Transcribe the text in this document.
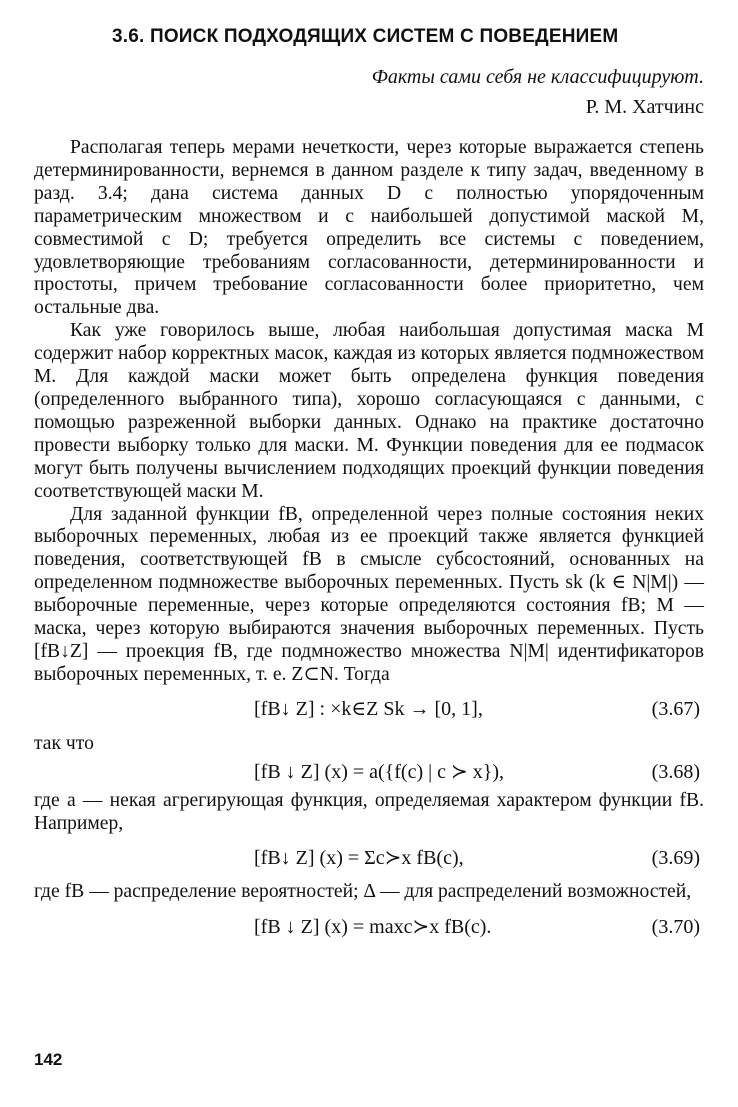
3.6. ПОИСК ПОДХОДЯЩИХ СИСТЕМ С ПОВЕДЕНИЕМ
Факты сами себя не классифицируют.
Р. М. Хатчинс

Располагая теперь мерами нечеткости, через которые выражается степень детерминированности, вернемся в данном разделе к типу задач, введенному в разд. 3.4; дана система данных D с полностью упорядоченным параметрическим множеством и с наибольшей допустимой маской M, совместимой с D; требуется определить все системы с поведением, удовлетворяющие требованиям согласованности, детерминированности и простоты, причем требование согласованности более приоритетно, чем остальные два.

Как уже говорилось выше, любая наибольшая допустимая маска M содержит набор корректных масок, каждая из которых является подмножеством M. Для каждой маски может быть определена функция поведения (определенного выбранного типа), хорошо согласующаяся с данными, с помощью разреженной выборки данных. Однако на практике достаточно провести выборку только для маски. M. Функции поведения для ее подмасок могут быть получены вычислением подходящих проекций функции поведения соответствующей маски M.

Для заданной функции fB, определенной через полные состояния неких выборочных переменных, любая из ее проекций также является функцией поведения, соответствующей fB в смысле субсостояний, основанных на определенном подмножестве выборочных переменных. Пусть sk (k ∈ N|M|) — выборочные переменные, через которые определяются состояния fB; M — маска, через которую выбираются значения выборочных переменных. Пусть [fB↓Z] — проекция fB, где подмножество множества N|M| идентификаторов выборочных переменных, т. е. Z⊂N. Тогда

[fB↓ Z] : ×k∈Z Sk → [0, 1],	(3.67)

так что

[fB ↓ Z] (x) = a({f(c) | c ≻ x}),	(3.68)

где a — некая агрегирующая функция, определяемая характером функции fB. Например,

[fB↓ Z] (x) = Σc≻x fB(c),	(3.69)

где fB — распределение вероятностей; Δ — для распределений возможностей,

[fB ↓ Z] (x) = maxc≻x fB(c).	(3.70)
142
